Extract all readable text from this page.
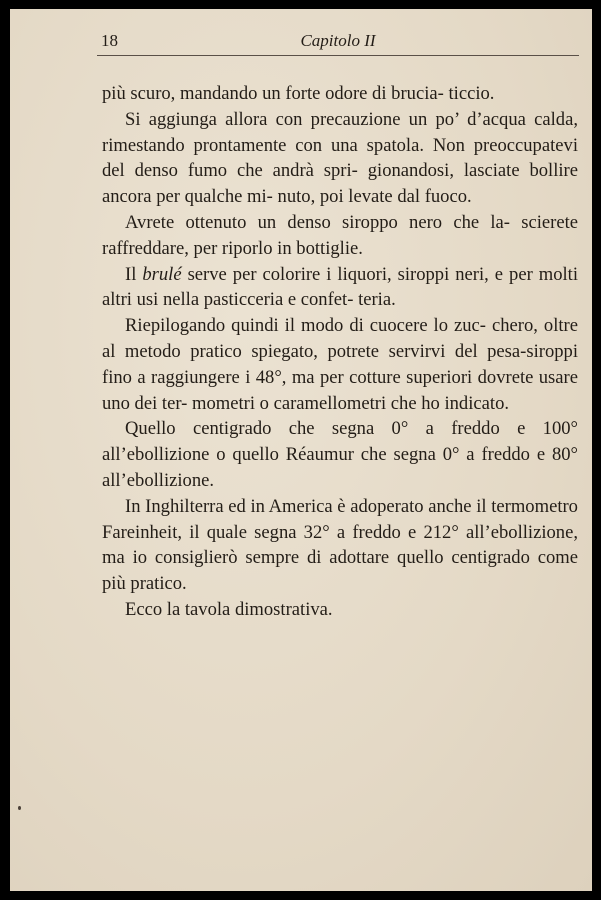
18	Capitolo II

più scuro, mandando un forte odore di brucia- ticcio.

Si aggiunga allora con precauzione un po’ d’acqua calda, rimestando prontamente con una spatola. Non preoccupatevi del denso fumo che andrà spri- gionandosi, lasciate bollire ancora per qualche mi- nuto, poi levate dal fuoco.

Avrete ottenuto un denso siroppo nero che la- scierete raffreddare, per riporlo in bottiglie.

Il brulé serve per colorire i liquori, siroppi neri, e per molti altri usi nella pasticceria e confet- teria.

Riepilogando quindi il modo di cuocere lo zuc- chero, oltre al metodo pratico spiegato, potrete servirvi del pesa-siroppi fino a raggiungere i 48°, ma per cotture superiori dovrete usare uno dei ter- mometri o caramellometri che ho indicato.

Quello centigrado che segna 0° a freddo e 100° all’ebollizione o quello Réaumur che segna 0° a freddo e 80° all’ebollizione.

In Inghilterra ed in America è adoperato anche il termometro Fareinheit, il quale segna 32° a freddo e 212° all’ebollizione, ma io consiglierò sempre di adottare quello centigrado come più pratico.

Ecco la tavola dimostrativa.
